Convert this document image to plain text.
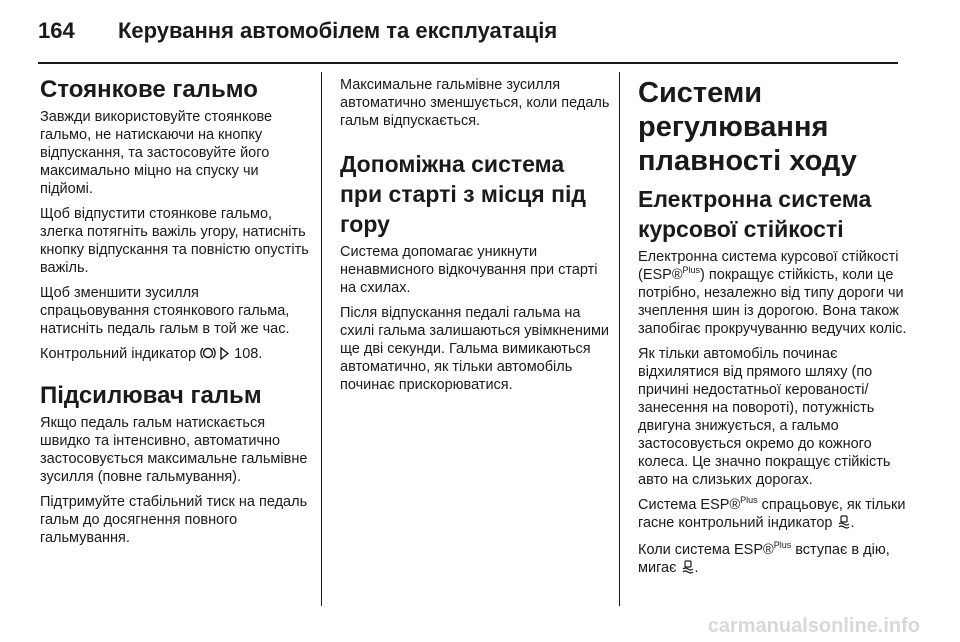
164 Керування автомобілем та експлуатація
Стоянкове гальмо

Завжди використовуйте стоянкове гальмо, не натискаючи на кнопку відпускання, та застосовуйте його максимально міцно на спуску чи підйомі.

Щоб відпустити стоянкове гальмо, злегка потягніть важіль угору, натисніть кнопку відпускання та повністю опустіть важіль.

Щоб зменшити зусилля спрацьовування стоянкового гальма, натисніть педаль гальм в той же час.

Контрольний індикатор	108.

Підсилювач гальм

Якщо педаль гальм натискається швидко та інтенсивно, автоматично застосовується максимальне гальмівне зусилля (повне гальмування).

Підтримуйте стабільний тиск на педаль гальм до досягнення повного гальмування.

Максимальне гальмівне зусилля автоматично зменшується, коли педаль гальм відпускається.

Допоміжна система при старті з місця під гору

Система допомагає уникнути ненавмисного відкочування при старті на схилах.

Після відпускання педалі гальма на схилі гальма залишаються увімкненими ще дві секунди. Гальма вимикаються автоматично, як тільки автомобіль починає прискорюватися.

Системи регулювання плавності ходу
Електронна система курсової стійкості

Електронна система курсової стійкості (ESP®$^{Plus}$) покращує стійкість, коли це потрібно, незалежно від типу дороги чи зчеплення шин із дорогою. Вона також запобігає прокручуванню ведучих коліс.

Як тільки автомобіль починає відхилятися від прямого шляху (по причині недостатньої керованості/занесення на повороті), потужність двигуна знижується, а гальмо застосовується окремо до кожного колеса. Це значно покращує стійкість авто на слизьких дорогах.

Система ESP®$^{Plus}$ спрацьовує, як тільки гасне контрольний індикатор .

Коли система ESP®$^{Plus}$ вступає в дію, мигає .

carmanualsonline.info
